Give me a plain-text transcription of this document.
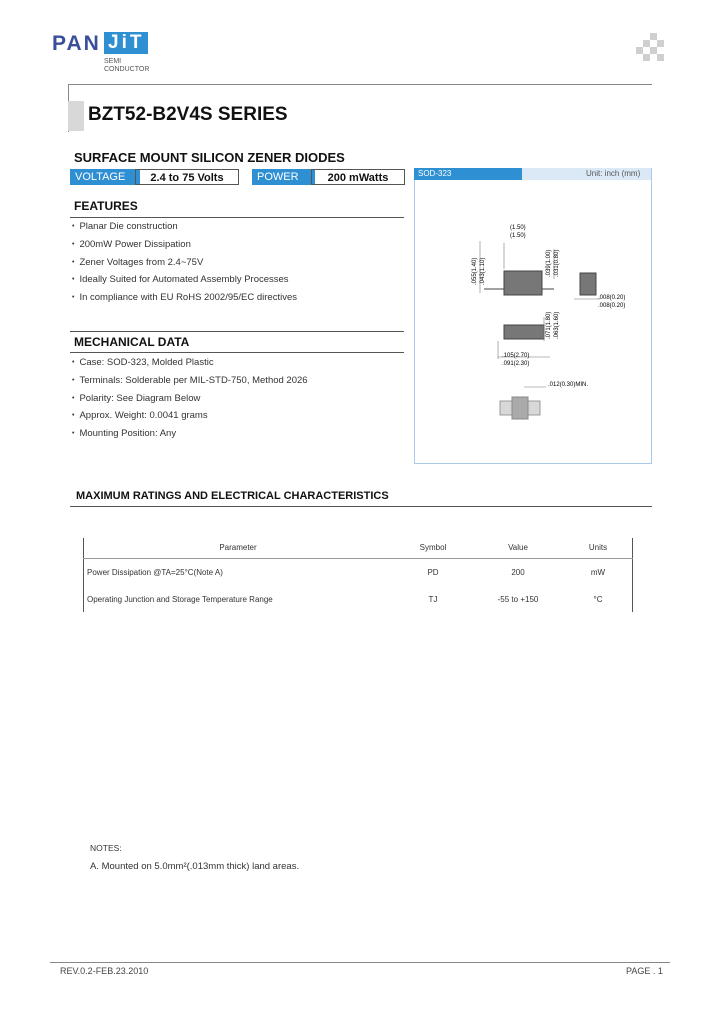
PAN JiT
SEMI
CONDUCTOR
BZT52-B2V4S SERIES
SURFACE MOUNT SILICON ZENER DIODES
VOLTAGE	2.4 to 75 Volts	POWER	200 mWatts
FEATURES
• Planar Die construction
• 200mW Power Dissipation
• Zener Voltages from 2.4~75V
• Ideally Suited for Automated Assembly Processes
• In compliance with EU RoHS 2002/95/EC directives
MECHANICAL DATA
• Case: SOD-323, Molded Plastic
• Terminals: Solderable per MIL-STD-750, Method 2026
• Polarity: See Diagram Below
• Approx. Weight: 0.0041 grams
• Mounting Position: Any
SOD-323	Unit: inch (mm)
(1.50)
(1.50)
.055(1.40) .043(1.10)	.039(1.00) .031(0.80)
.008(0.20)
.008(0.20)
.071(1.80) .063(1.60)
.105(2.70)
.091(2.30)
.012(0.30)MIN.
MAXIMUM RATINGS AND ELECTRICAL CHARACTERISTICS
Parameter	Symbol	Value	Units
Power Dissipation @TA=25°C(Note A)	PD	200	mW
Operating Junction and Storage Temperature Range	TJ	-55 to +150	°C
NOTES:
A. Mounted on 5.0mm²(.013mm thick) land areas.
REV.0.2-FEB.23.2010	PAGE . 1
